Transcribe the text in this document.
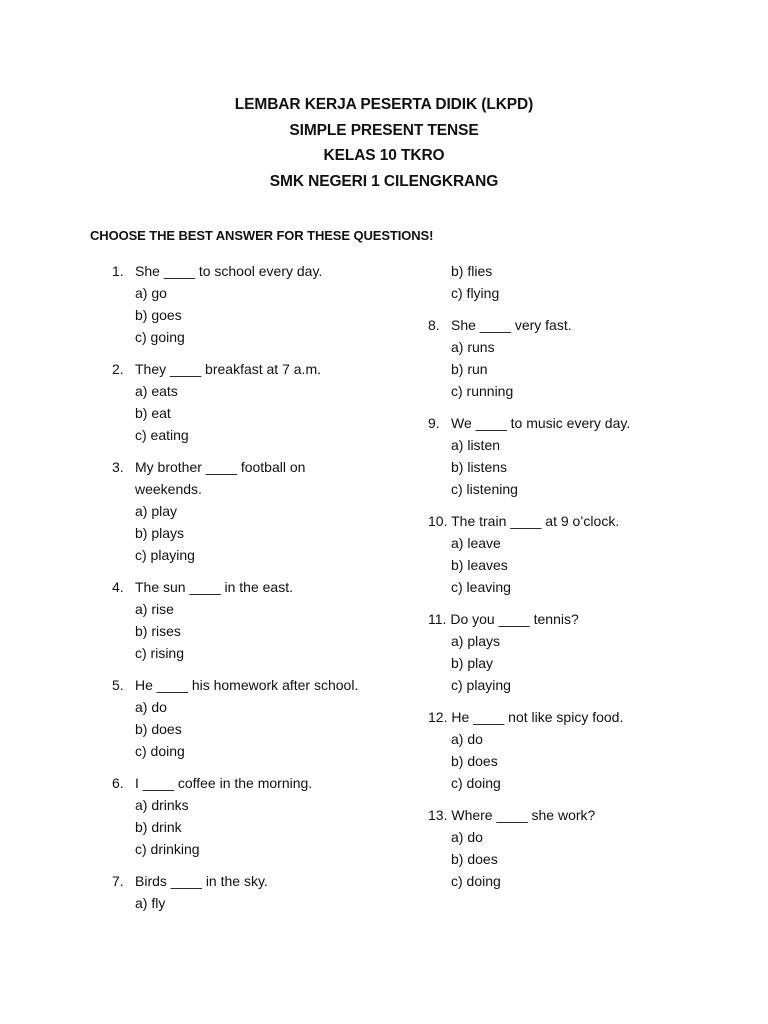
LEMBAR KERJA PESERTA DIDIK (LKPD)
SIMPLE PRESENT TENSE
KELAS 10 TKRO
SMK NEGERI 1 CILENGKRANG
CHOOSE THE BEST ANSWER FOR THESE QUESTIONS!
1. She ____ to school every day.
a) go
b) goes
c) going
2. They ____ breakfast at 7 a.m.
a) eats
b) eat
c) eating
3. My brother ____ football on weekends.
a) play
b) plays
c) playing
4. The sun ____ in the east.
a) rise
b) rises
c) rising
5. He ____ his homework after school.
a) do
b) does
c) doing
6. I ____ coffee in the morning.
a) drinks
b) drink
c) drinking
7. Birds ____ in the sky.
a) fly
b) flies
c) flying
8. She ____ very fast.
a) runs
b) run
c) running
9. We ____ to music every day.
a) listen
b) listens
c) listening
10. The train ____ at 9 o’clock.
a) leave
b) leaves
c) leaving
11. Do you ____ tennis?
a) plays
b) play
c) playing
12. He ____ not like spicy food.
a) do
b) does
c) doing
13. Where ____ she work?
a) do
b) does
c) doing
